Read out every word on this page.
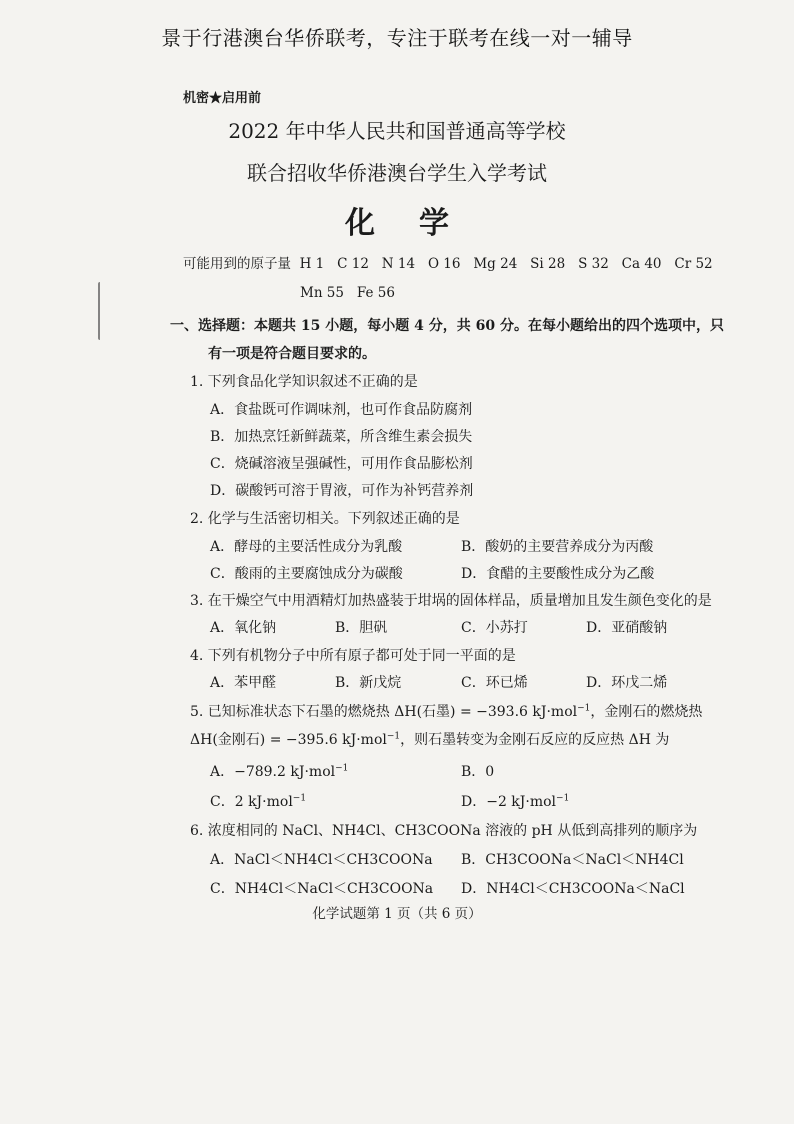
景于行港澳台华侨联考，专注于联考在线一对一辅导
机密★启用前
2022 年中华人民共和国普通高等学校
联合招收华侨港澳台学生入学考试
化学
可能用到的原子量  H 1   C 12   N 14   O 16   Mg 24   Si 28   S 32   Ca 40   Cr 52
Mn 55   Fe 56
一、选择题：本题共 15 小题，每小题 4 分，共 60 分。在每小题给出的四个选项中，只
有一项是符合题目要求的。
1. 下列食品化学知识叙述不正确的是
A．食盐既可作调味剂，也可作食品防腐剂
B．加热烹饪新鲜蔬菜，所含维生素会损失
C．烧碱溶液呈强碱性，可用作食品膨松剂
D．碳酸钙可溶于胃液，可作为补钙营养剂
2. 化学与生活密切相关。下列叙述正确的是
A．酵母的主要活性成分为乳酸	B．酸奶的主要营养成分为丙酸
C．酸雨的主要腐蚀成分为碳酸	D．食醋的主要酸性成分为乙酸
3. 在干燥空气中用酒精灯加热盛装于坩埚的固体样品，质量增加且发生颜色变化的是
A．氧化钠	B．胆矾	C．小苏打	D．亚硝酸钠
4. 下列有机物分子中所有原子都可处于同一平面的是
A．苯甲醛	B．新戊烷	C．环已烯	D．环戊二烯
5. 已知标准状态下石墨的燃烧热 ΔH(石墨) = −393.6 kJ·mol$^{-1}$，金刚石的燃烧热
ΔH(金刚石) = −395.6 kJ·mol$^{-1}$，则石墨转变为金刚石反应的反应热 ΔH 为
A．−789.2 kJ·mol$^{-1}$	B．0
C．2 kJ·mol$^{-1}$	D．−2 kJ·mol$^{-1}$
6. 浓度相同的 NaCl、NH4Cl、CH3COONa 溶液的 pH 从低到高排列的顺序为
A．NaCl＜NH4Cl＜CH3COONa B．CH3COONa＜NaCl＜NH4Cl
C．NH4Cl＜NaCl＜CH3COONa D．NH4Cl＜CH3COONa＜NaCl
化学试题第 1 页（共 6 页）
